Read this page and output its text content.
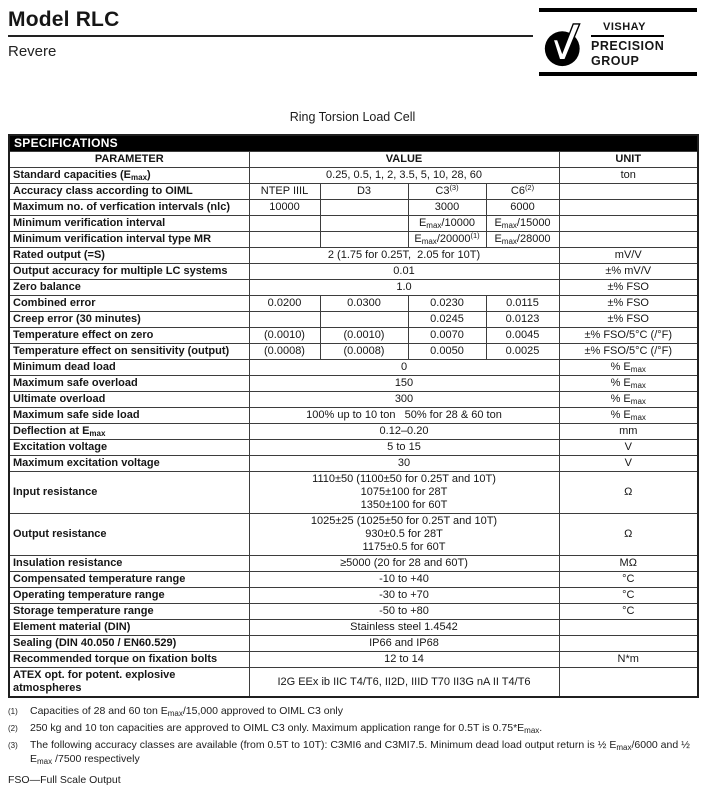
Model RLC
Revere
VISHAY
PRECISION
GROUP
Ring Torsion Load Cell
SPECIFICATIONS					
PARAMETER	VALUE				UNIT
Standard capacities $(E_{max})$	0.25, 0.5, 1, 2, 3.5, 5, 10, 28, 60				ton
Accuracy class according to OIML	NTEP IIIL	D3	C3$^{(3)}$	C6$^{(2)}$	
Maximum no. of verfication intervals (nlc)	10000		3000	6000	
Minimum verification interval			$E_{max}/10000$	$E_{max}/15000$	
Minimum verification interval type MR			$E_{max}/20000^{(1)}$	$E_{max}/28000$	
Rated output (=S)	2 (1.75 for 0.25T,  2.05 for 10T)				mV/V
Output accuracy for multiple LC systems	0.01				±% mV/V
Zero balance	1.0				±% FSO
Combined error	0.0200	0.0300	0.0230	0.0115	±% FSO
Creep error (30 minutes)			0.0245	0.0123	±% FSO
Temperature effect on zero	(0.0010)	(0.0010)	0.0070	0.0045	±% FSO/5°C (/°F)
Temperature effect on sensitivity (output)	(0.0008)	(0.0008)	0.0050	0.0025	±% FSO/5°C (/°F)
Minimum dead load	0				% $E_{max}$
Maximum safe overload	150				% $E_{max}$
Ultimate overload	300				% $E_{max}$
Maximum safe side load	100% up to 10 ton   50% for 28 & 60 ton				% $E_{max}$
Deflection at $E_{max}$	0.12–0.20				mm
Excitation voltage	5 to 15				V
Maximum excitation voltage	30				V
Input resistance	1110±50 (1100±50 for 0.25T and 10T)
1075±100 for 28T
1350±100 for 60T				Ω
Output resistance	1025±25 (1025±50 for 0.25T and 10T)
930±0.5 for 28T
1175±0.5 for 60T				Ω
Insulation resistance	≥5000 (20 for 28 and 60T)				MΩ
Compensated temperature range	-10 to +40				°C
Operating temperature range	-30 to +70				°C
Storage temperature range	-50 to +80				°C
Element material (DIN)	Stainless steel 1.4542				
Sealing (DIN 40.050 / EN60.529)	IP66 and IP68				
Recommended torque on fixation bolts	12 to 14				N*m
ATEX opt. for potent. explosive atmospheres	I2G EEx ib IIC T4/T6, II2D, IIID T70 II3G nA II T4/T6				
(1)	Capacities of 28 and 60 ton $E_{max}/15,000$ approved to OIML C3 only
(2)	250 kg and 10 ton capacities are approved to OIML C3 only. Maximum application range for 0.5T is $0.75*E_{max}$.
(3)	The following accuracy classes are available (from 0.5T to 10T): C3MI6 and C3MI7.5. Minimum dead load output return is ½ $E_{max}/6000$ and ½ $E_{max}$ /7500 respectively
FSO—Full Scale Output
